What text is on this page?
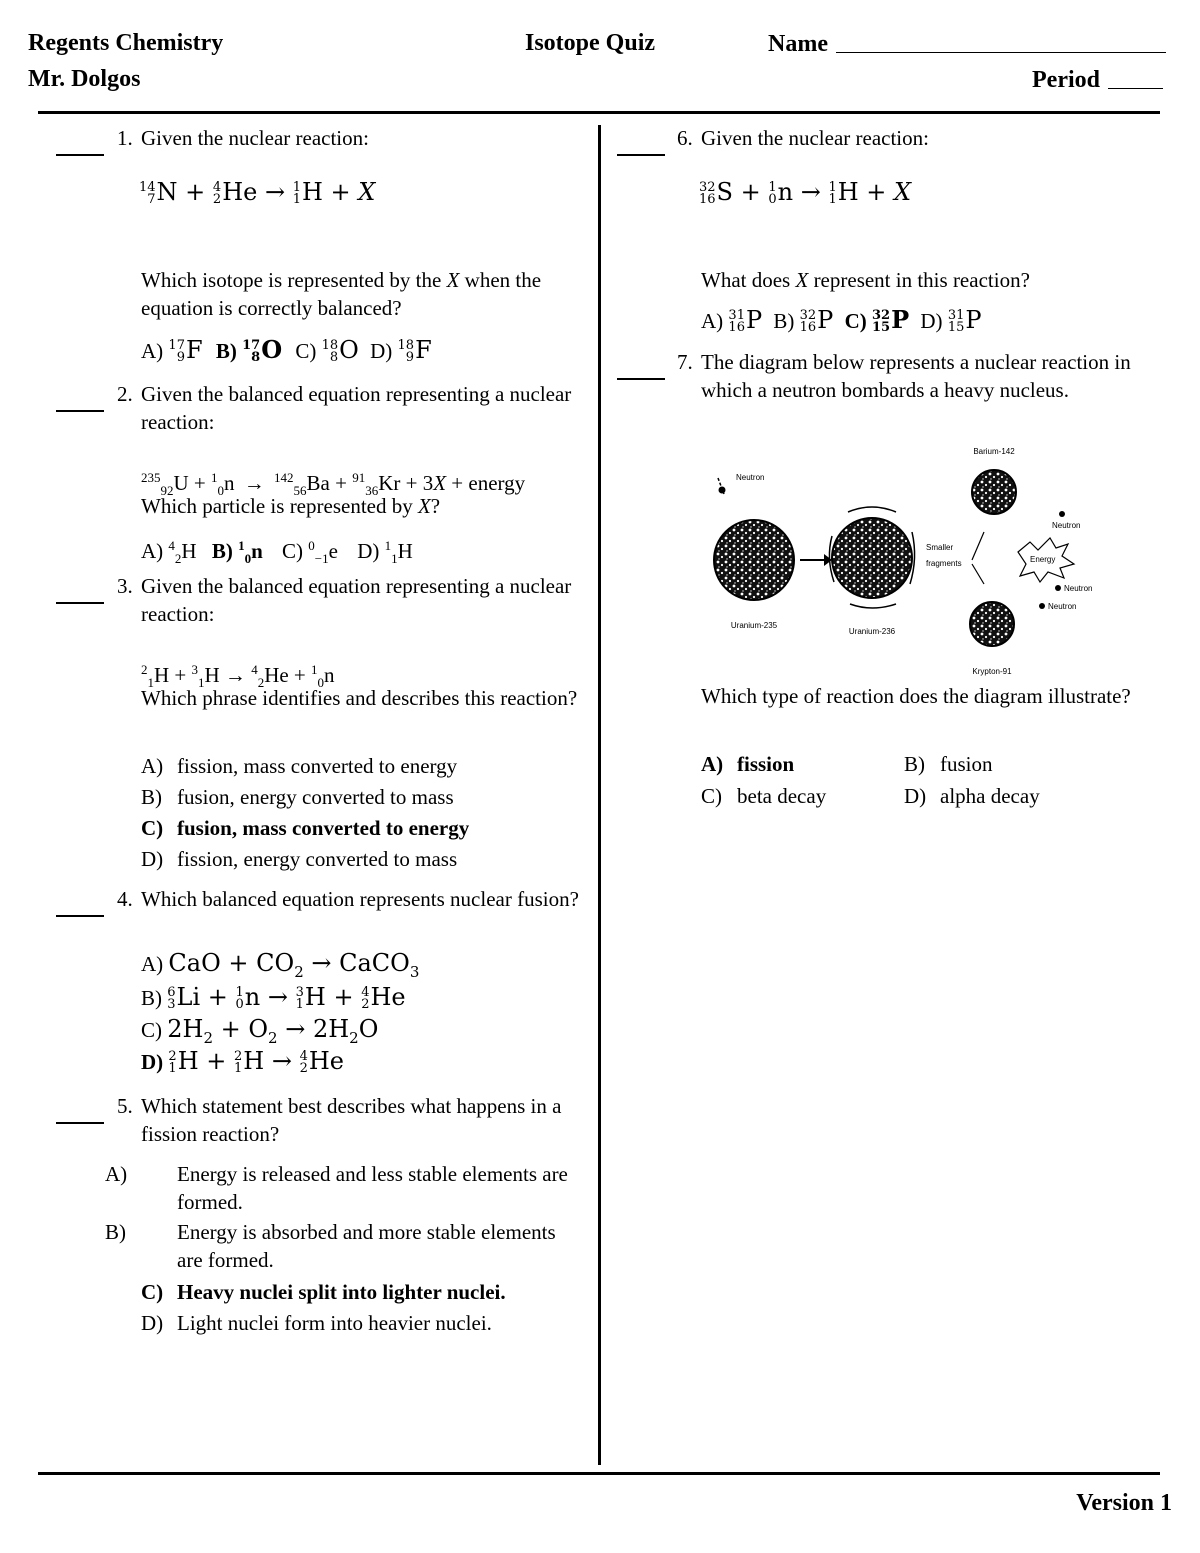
Regents Chemistry
Mr. Dolgos
Isotope Quiz	Name
Period
1. Given the nuclear reaction:
14
7 N + 4
2 He → 1
1 H + X
Which isotope is represented by the X when the equation is correctly balanced?
A) 17
9 F B) 17
8 O C) 18
8 O D) 18
9 F
2. Given the balanced equation representing a nuclear reaction:
$^{235}_{92}$U + $^1_0$n → $^{142}_{56}$Ba + $^{91}_{36}$Kr + 3X + energy
Which particle is represented by X?
A) $^4_2$H B) $^1_0$n C) $^0_{-1}$e D) $^1_1$H
3. Given the balanced equation representing a nuclear reaction:
$^2_1$H + $^3_1$H → $^4_2$He + $^1_0$n
Which phrase identifies and describes this reaction?
A) fission, mass converted to energy
B) fusion, energy converted to mass
C) fusion, mass converted to energy
D) fission, energy converted to mass
4. Which balanced equation represents nuclear fusion?
A) CaO + $CO_2$ → CaCO$_3$
B) 6
3 Li + 1
0 n → 3
1 H + 4
2 He
C) $2H_2 + O_2 \to 2H_2O$
D) 2
1 H + 2
1 H → 4
2 He
5. Which statement best describes what happens in a fission reaction?
A) Energy is released and less stable elements are formed.
B) Energy is absorbed and more stable elements are formed.
C) Heavy nuclei split into lighter nuclei.
D) Light nuclei form into heavier nuclei.
6. Given the nuclear reaction:
32
16 S + 1
0 n → 1
1 H + X
What does X represent in this reaction?
A) 31
16 P B) 32
16 P C) 32
15 P D) 31
15 P
7. The diagram below represents a nuclear reaction in which a neutron bombards a heavy nucleus.
Neutron
Uranium-235
Uranium-236
Smaller
fragments
Barium-142
Krypton-91
Energy
Neutron
Neutron
Neutron
Which type of reaction does the diagram illustrate?
A) fission	B) fusion
C) beta decay	D) alpha decay
Version 1
